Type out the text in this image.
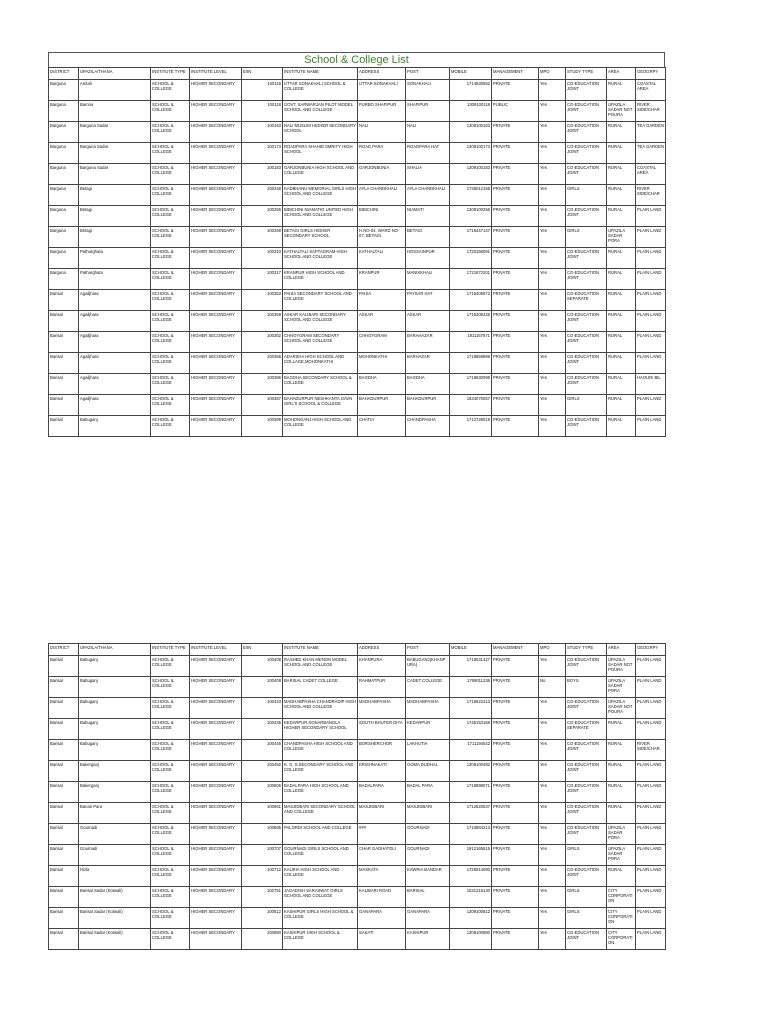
School & College List
DISTRICT	UPAZILA/THANA	INSTITUTE TYPE	INSTITUTE LEVEL	EIIN	INSTITUTE NAME	ADDRESS	POST	MOBILE	MANAGEMENT	MPO	STUDY TYPE	AREA	GEOGRPY
Barguna	Amtali	SCHOOL & COLLEGE	HIGHER SECONDARY	100116	UTTAR SONAKHALI SCHOOL & COLLEGE	UTTAR SONAKHALI	SONAKHALI	1714630552	PRIVATE	Yes	CO-EDUCATION JOINT	RURAL	COASTAL AREA
Barguna	Bamna	SCHOOL & COLLEGE	HIGHER SECONDARY	100118	GOVT. SARWARJAN PILOT MODEL SCHOOL AND COLLEGE	PURBO SHAFIPUR	SHAFIPUR	1309100118	PUBLIC	Yes	CO-EDUCATION JOINT	UPAZILA SADAR NOT POURA	RIVER SIDE/CHAR
Barguna	Barguna Sadar	SCHOOL & COLLEGE	HIGHER SECONDARY	100163	NALI MUSLIM HIGHER SECONDARY SCHOOL	NALI	NALI	1309100163	PRIVATE	Yes	CO-EDUCATION JOINT	RURAL	TEA GARDEN
Barguna	Barguna Sadar	SCHOOL & COLLEGE	HIGHER SECONDARY	100173	ROADPARA SHAHID SMRITY HIGH SCHOOL	ROAD PARA	ROADPARA HAT	1309100173	PRIVATE	Yes	CO-EDUCATION JOINT	RURAL	TEA GARDEN
Barguna	Barguna Sadar	SCHOOL & COLLEGE	HIGHER SECONDARY	100183	GARJONBUNIA HIGH SCHOOL AND COLLEGE	GARJONBUNIA	SHALIA	1309100183	PRIVATE	Yes	CO-EDUCATION JOINT	RURAL	COASTAL AREA
Barguna	Betagi	SCHOOL & COLLEGE	HIGHER SECONDARY	100248	KADBHANU MEMORIAL GIRLS HIGH SCHOOL AND COLLEGE	AYLA CHANDKHALI	AYLA CHANDKHALI	1736012155	PRIVATE	Yes	GIRLS	RURAL	RIVER SIDE/CHAR
Barguna	Betagi	SCHOOL & COLLEGE	HIGHER SECONDARY	100256	BIBICHINI NIAMATIO UNITED HIGH SCHOOL AND COLLEGE	BIBICHINI	NIAMATI	1309100256	PRIVATE	Yes	CO-EDUCATION JOINT	RURAL	PLAIN LAND
Barguna	Betagi	SCHOOL & COLLEGE	HIGHER SECONDARY	100259	BETAGI GIRLS HIGHER SECONDARY SCHOOL	H.NO-04. WARD NO-07. BETAGI	BETAGI	1716447147	PRIVATE	Yes	GIRLS	UPAZILA SADAR PORA	PLAIN LAND
Barguna	Patharghata	SCHOOL & COLLEGE	HIGHER SECONDARY	100310	KATHALTALI SAPTAGRAM HIGH SCHOOL AND COLLEGE	KATHALTALI	HOSSAINPUR	1720156091	PRIVATE	Yes	CO-EDUCATION JOINT	RURAL	PLAIN LAND
Barguna	Patharghata	SCHOOL & COLLEGE	HIGHER SECONDARY	100317	KRANPUR HIGH SCHOOL AND COLLEGE	KRANPUR	MANIKKHALI	1721872201	PRIVATE	Yes	CO-EDUCATION JOINT	RURAL	PLAIN LAND
Barisal	Agailjhara	SCHOOL & COLLEGE	HIGHER SECONDARY	100353	PAISA SECONDARY SCHOOL AND COLLEGE	PAISA	PAYSAR HAT	1715405672	PRIVATE	Yes	CO-EDUCATION SEPARATE	RURAL	PLAIN LAND
Barisal	Agailjhara	SCHOOL & COLLEGE	HIGHER SECONDARY	100359	ASKAR KALIBARI SECONDARY SCHOOL AND COLLEGE	ASKAR	ASKAR	1715306225	PRIVATE	Yes	CO-EDUCATION JOINT	RURAL	PLAIN LAND
Barisal	Agailjhara	SCHOOL & COLLEGE	HIGHER SECONDARY	100362	CHHOYGRAM SECONDARY SCHOOL AND COLLEGE	CHHOYGRAM	BARAHAZAR	1911167671	PRIVATE	Yes	CO-EDUCATION JOINT	RURAL	PLAIN LAND
Barisal	Agailjhara	SCHOOL & COLLEGE	HIGHER SECONDARY	100368	ADARSHA HIGH SCHOOL AND COLLAGE,MOHONKATHI	MOHONKATHI	BARHAZAR	1718859899	PRIVATE	Yes	CO-EDUCATION JOINT	RURAL	PLAIN LAND
Barisal	Agailjhara	SCHOOL & COLLEGE	HIGHER SECONDARY	100386	BAGDHA SECONDARY SCHOOL & COLLEGE	BAGDHA	BAGDHA	1718830099	PRIVATE	Yes	CO-EDUCATION JOINT	RURAL	HAOUR/ BIL
Barisal	Agailjhara	SCHOOL & COLLEGE	HIGHER SECONDARY	100387	BAHADURPUR NESHKANTA GAVN GIRL'S SCHOOL & COLLEGE	BAHADURPUR	BAHADURPUR	1834070057	PRIVATE	Yes	GIRLS	RURAL	PLAIN LAND
Barisal	Babuganj	SCHOOL & COLLEGE	HIGHER SECONDARY	100399	MOHONGANJ HIGH SCHOOL AND COLLEGE	CHATIA	CHANDPASHA	1712728019	PRIVATE	Yes	CO-EDUCATION JOINT	RURAL	PLAIN LAND
DISTRICT	UPAZILA/THANA	INSTITUTE TYPE	INSTITUTE LEVEL	EIIN	INSTITUTE NAME	ADDRESS	POST	MOBILE	MANAGEMENT	MPO	STUDY TYPE	AREA	GEOGRPY
Barisal	Babuganj	SCHOOL & COLLEGE	HIGHER SECONDARY	100408	RASHED KHAN MENON MODEL SCHOOL AND COLLEGE	KHANPURA	BABUGANJ(KHANPURA)	1718031427	PRIVATE	Yes	CO-EDUCATION JOINT	UPAZILA SADAR NOT POURA	PLAIN LAND
Barisal	Babuganj	SCHOOL & COLLEGE	HIGHER SECONDARY	100409	BARISAL CADET COLLEGE	RAHMATPUR	CADET COLLEGE	1769011236	PRIVATE	No	BOYS	UPAZILA SADAR PORA	PLAIN LAND
Barisal	Babuganj	SCHOOL & COLLEGE	HIGHER SECONDARY	100443	MADHABPASHA CHANDRADIP HIGH SCHOOL AND COLLEGE	MADHABPASHA	MADHABPASHA	1716622213	PRIVATE	Yes	CO-EDUCATION JOINT	UPAZILA SADAR NOT POURA	PLAIN LAND
Barisal	Babuganj	SCHOOL & COLLEGE	HIGHER SECONDARY	100445	KEDARPUR SONARBANGLA HIGHER SECONDARY SCHOOL	SOUTH BHUTER DIYA	KEDARPUR	1745153168	PRIVATE	Yes	CO-EDUCATION SEPARATE	RURAL	PLAIN LAND
Barisal	Babuganj	SCHOOL & COLLEGE	HIGHER SECONDARY	100446	CHANDPASHA HIGH SCHOOL AND COLLEGE	BORSHERCHOR	LAKHUTIA	1711194542	PRIVATE	Yes	CO-EDUCATION JOINT	RURAL	RIVER SIDE/CHAR
Barisal	Bakerganj	SCHOOL & COLLEGE	HIGHER SECONDARY	100492	K. G. S.SECONDARY SCHOOL AND COLLEGE	KRISHNAKATI	GOMA DUDHAL	1309100492	PRIVATE	Yes	CO-EDUCATION JOINT	RURAL	PLAIN LAND
Barisal	Bakerganj	SCHOOL & COLLEGE	HIGHER SECONDARY	100606	BADALPARA HIGH SCHOOL AND COLLEGE	BADALPARA	BADAL PARA	1718898071	PRIVATE	Yes	CO-EDUCATION JOINT	RURAL	PLAIN LAND
Barisal	Banari Para	SCHOOL & COLLEGE	HIGHER SECONDARY	100661	MASJIDBARI SECONDARY SCHOOL AND COLLEGE	MASJIDBARI	MASJIDBARI	1712520537	PRIVATE	Yes	CO-EDUCATION JOINT	RURAL	PLAIN LAND
Barisal	Gournadi	SCHOOL & COLLEGE	HIGHER SECONDARY	100695	PALORDI SCHOOL AND COLLEGE	###	GOURNADI	1710884213	PRIVATE	Yes	CO-EDUCATION JOINT	UPAZILA SADAR PORA	PLAIN LAND
Barisal	Gournadi	SCHOOL & COLLEGE	HIGHER SECONDARY	100707	GOURNADI GIRLS SCHOOL AND COLLEGE	CHAR GADHATOLI	GOURNADI	1912165615	PRIVATE	Yes	GIRLS	UPAZILA SADAR PORA	PLAIN LAND
Barisal	Hizla	SCHOOL & COLLEGE	HIGHER SECONDARY	100712	KAURIA HIGH SCHOOL AND COLLEGE	MASKATA	KAWRIA BANDAR	1726914090	PRIVATE	Yes	CO-EDUCATION JOINT	RURAL	PLAIN LAND
Barisal	Barisal Sadar (Kotwali)	SCHOOL & COLLEGE	HIGHER SECONDARY	100751	JAGADISH SARASWAT GIRLS SCHOOL AND COLLEGE	KALIBARI ROAD	BARISAL	1531215130	PRIVATE	Yes	GIRLS	CITY CORPORATION	PLAIN LAND
Barisal	Barisal Sadar (Kotwali)	SCHOOL & COLLEGE	HIGHER SECONDARY	100812	KASHIPUR GIRLS HIGH SCHOOL & COLLEGE	GANAPARA	GANAPARA	1309100812	PRIVATE	Yes	GIRLS	CITY CORPORATION	PLAIN LAND
Barisal	Barisal Sadar (Kotwali)	SCHOOL & COLLEGE	HIGHER SECONDARY	100880	KASHIPUR HIGH SCHOOL & COLLEGE	SAKATI	KASHIPUR	1309100880	PRIVATE	Yes	CO-EDUCATION JOINT	CITY CORPORATION	PLAIN LAND
